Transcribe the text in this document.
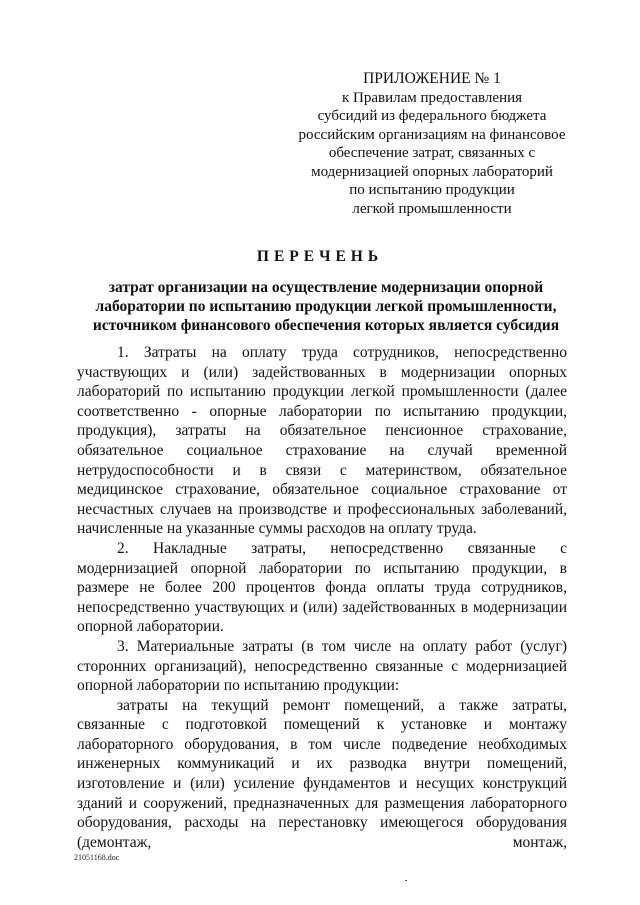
ПРИЛОЖЕНИЕ № 1
к Правилам предоставления
субсидий из федерального бюджета
российским организациям на финансовое
обеспечение затрат, связанных с
модернизацией опорных лабораторий
по испытанию продукции
легкой промышленности
ПЕРЕЧЕНЬ
затрат организации на осуществление модернизации опорной
лаборатории по испытанию продукции легкой промышленности,
источником финансового обеспечения которых является субсидия

1. Затраты на оплату труда сотрудников, непосредственно участвующих и (или) задействованных в модернизации опорных лабораторий по испытанию продукции легкой промышленности (далее соответственно - опорные лаборатории по испытанию продукции, продукция), затраты на обязательное пенсионное страхование, обязательное социальное страхование на случай временной нетрудоспособности и в связи с материнством, обязательное медицинское страхование, обязательное социальное страхование от несчастных случаев на производстве и профессиональных заболеваний, начисленные на указанные суммы расходов на оплату труда.

2. Накладные затраты, непосредственно связанные с модернизацией опорной лаборатории по испытанию продукции, в размере не более 200 процентов фонда оплаты труда сотрудников, непосредственно участвующих и (или) задействованных в модернизации опорной лаборатории.

3. Материальные затраты (в том числе на оплату работ (услуг) сторонних организаций), непосредственно связанные с модернизацией опорной лаборатории по испытанию продукции:

затраты на текущий ремонт помещений, а также затраты, связанные с подготовкой помещений к установке и монтажу лабораторного оборудования, в том числе подведение необходимых инженерных коммуникаций и их разводка внутри помещений, изготовление и (или) усиление фундаментов и несущих конструкций зданий и сооружений, предназначенных для размещения лабораторного оборудования, расходы на перестановку имеющегося оборудования (демонтаж, монтаж,

21051168.doc
